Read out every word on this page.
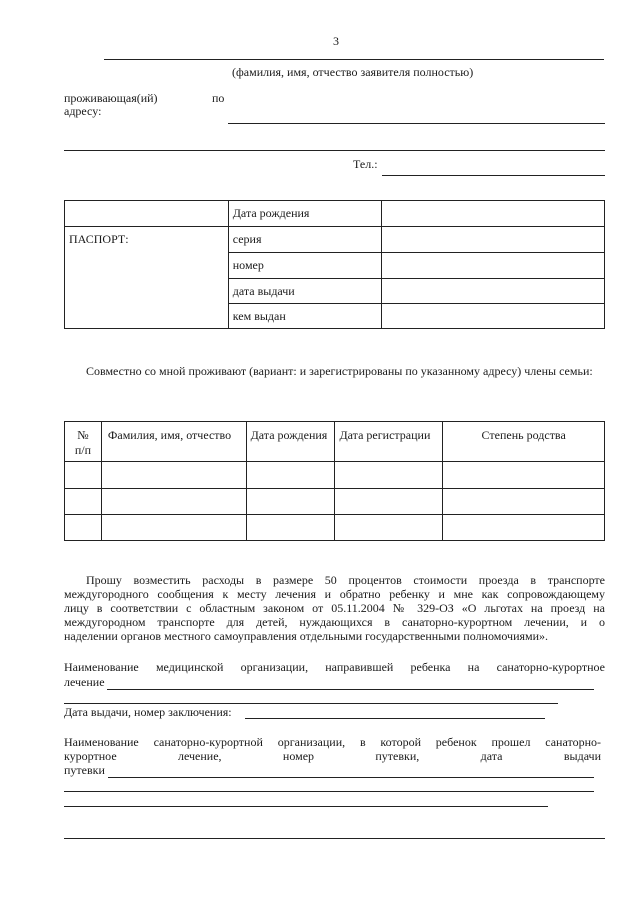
3
(фамилия, имя, отчество заявителя полностью)
проживающая(ий)	по
адресу:
Тел.:
	Дата рождения	
ПАСПОРТ:	серия	
	номер	
	дата выдачи	
	кем выдан	
Совместно со мной проживают (вариант: и зарегистрированы по указанному адресу) члены семьи:
№
п/п	Фамилия, имя, отчество	Дата рождения	Дата регистрации	Степень родства

Прошу возместить расходы в размере 50 процентов стоимости проезда в транспорте
междугородного сообщения к месту лечения и обратно ребенку и мне как сопровождающему
лицу в соответствии с областным законом от 05.11.2004 № 329-ОЗ «О льготах на проезд на
междугородном транспорте для детей, нуждающихся в санаторно-курортном лечении, и о
наделении органов местного самоуправления отдельными государственными полномочиями».
Наименование медицинской организации, направившей ребенка на санаторно-курортное
лечение
Дата выдачи, номер заключения:
Наименование санаторно-курортной организации, в которой ребенок прошел санаторно-
курортное лечение, номер путевки, дата выдачи
путевки
